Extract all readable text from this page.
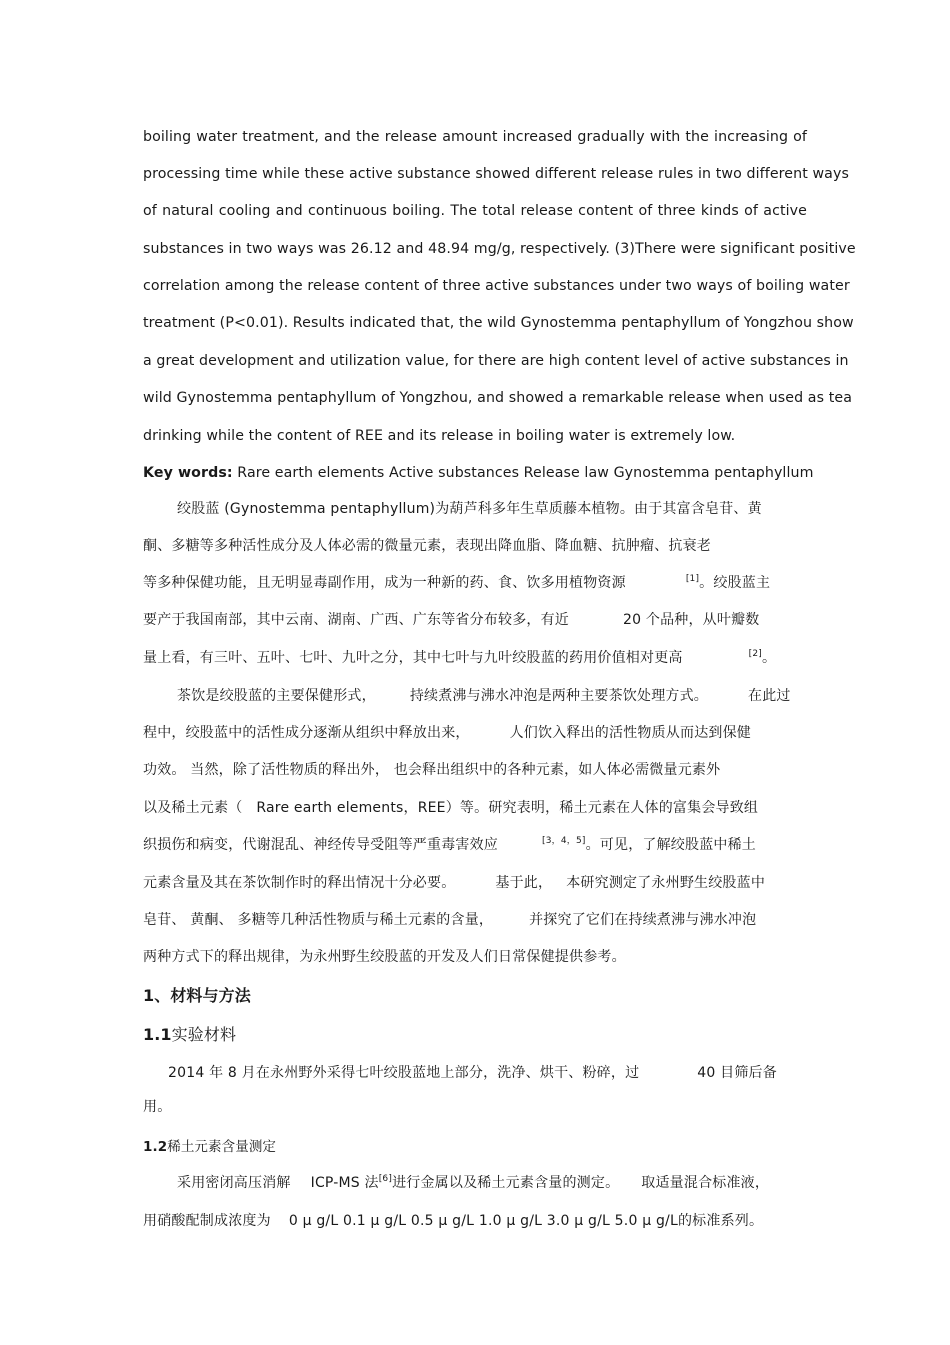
boiling water treatment, and the release amount increased gradually with the increasing of
processing time while these active substance showed different release rules in two different ways
of natural cooling and continuous boiling. The total release content of three kinds of active
substances in two ways was 26.12 and 48.94 mg/g, respectively. (3)There were significant positive
correlation among the release content of three active substances under two ways of boiling water
treatment (P<0.01). Results indicated that, the wild Gynostemma pentaphyllum of Yongzhou show
a great development and utilization value, for there are high content level of active substances in
wild Gynostemma pentaphyllum of Yongzhou, and showed a remarkable release when used as tea
drinking while the content of REE and its release in boiling water is extremely low.
Key words: Rare earth elements Active substances Release law Gynostemma pentaphyllum
绞股蓝 (Gynostemma pentaphyllum)为葫芦科多年生草质藤本植物。由于其富含皂苷、黄
酮、多糖等多种活性成分及人体必需的微量元素，表现出降血脂、降血糖、抗肿瘤、抗衰老
等多种保健功能，且无明显毒副作用，成为一种新的药、食、饮多用植物资源	[1]。绞股蓝主
要产于我国南部，其中云南、湖南、广西、广东等省分布较多，有近	20 个品种，从叶瓣数
量上看，有三叶、五叶、七叶、九叶之分，其中七叶与九叶绞股蓝的药用价值相对更高	[2]。
茶饮是绞股蓝的主要保健形式， 持续煮沸与沸水冲泡是两种主要茶饮处理方式。	在此过
程中，绞股蓝中的活性成分逐渐从组织中释放出来，	人们饮入释出的活性物质从而达到保健
功效。 当然，除了活性物质的释出外， 也会释出组织中的各种元素，如人体必需微量元素外
以及稀土元素（ Rare earth elements，REE）等。研究表明，稀土元素在人体的富集会导致组
织损伤和病变，代谢混乱、神经传导受阻等严重毒害效应	[3，4，5]。可见，了解绞股蓝中稀土
元素含量及其在茶饮制作时的释出情况十分必要。	基于此， 本研究测定了永州野生绞股蓝中
皂苷、 黄酮、 多糖等几种活性物质与稀土元素的含量，	并探究了它们在持续煮沸与沸水冲泡
两种方式下的释出规律，为永州野生绞股蓝的开发及人们日常保健提供参考。
1、材料与方法
1.1实验材料
2014 年 8 月在永州野外采得七叶绞股蓝地上部分，洗净、烘干、粉碎，过	40 目筛后备
用。
1.2稀土元素含量测定
采用密闭高压消解 ICP-MS 法[6]进行金属以及稀土元素含量的测定。 取适量混合标准液，
用硝酸配制成浓度为 0 μ g/L 0.1 μ g/L 0.5 μ g/L 1.0 μ g/L 3.0 μ g/L 5.0 μ g/L的标准系列。
